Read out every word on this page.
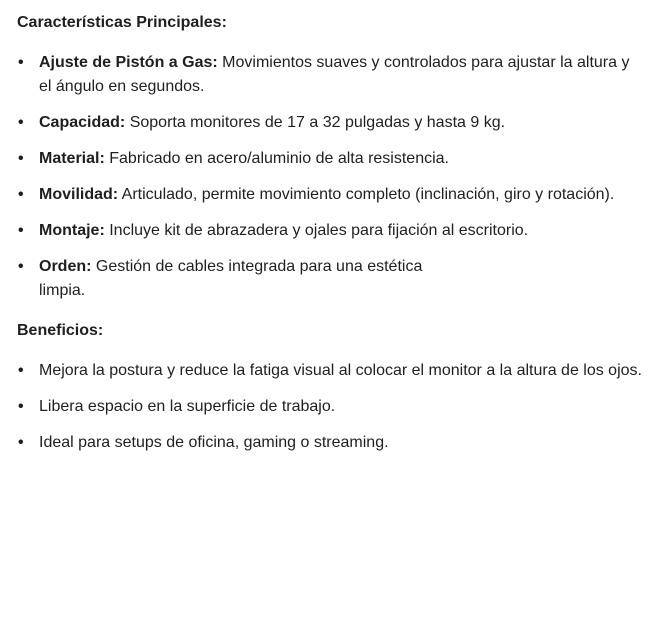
Características Principales:

• Ajuste de Pistón a Gas: Movimientos suaves y controlados para ajustar la altura y el ángulo en segundos.
• Capacidad: Soporta monitores de 17 a 32 pulgadas y hasta 9 kg.
• Material: Fabricado en acero/aluminio de alta resistencia.
• Movilidad: Articulado, permite movimiento completo (inclinación, giro y rotación).
• Montaje: Incluye kit de abrazadera y ojales para fijación al escritorio.
• Orden: Gestión de cables integrada para una estética limpia.

Beneficios:

• Mejora la postura y reduce la fatiga visual al colocar el monitor a la altura de los ojos.
• Libera espacio en la superficie de trabajo.
• Ideal para setups de oficina, gaming o streaming.
